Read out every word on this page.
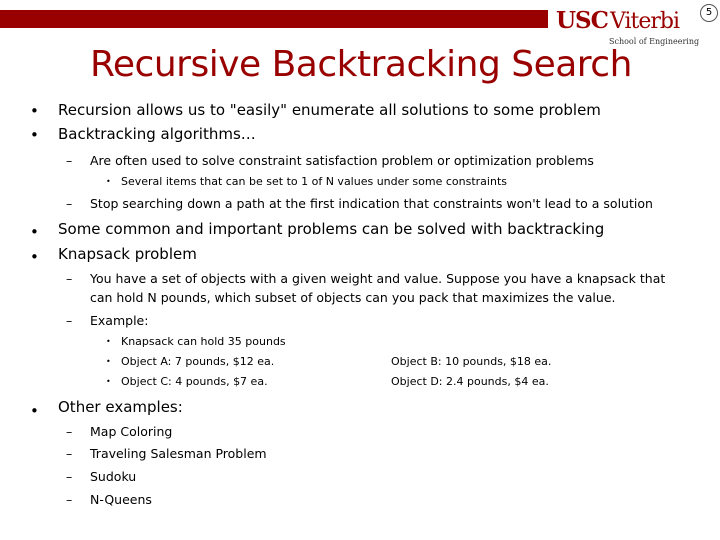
USC Viterbi
School of Engineering
5
Recursive Backtracking Search
• Recursion allows us to "easily" enumerate all solutions to some problem
• Backtracking algorithms…
– Are often used to solve constraint satisfaction problem or optimization problems
• Several items that can be set to 1 of N values under some constraints
– Stop searching down a path at the first indication that constraints won't lead to a solution
• Some common and important problems can be solved with backtracking
• Knapsack problem
– You have a set of objects with a given weight and value. Suppose you have a knapsack that
can hold N pounds, which subset of objects can you pack that maximizes the value.
– Example:
• Knapsack can hold 35 pounds
• Object A: 7 pounds, $12 ea.	Object B: 10 pounds, $18 ea.
• Object C: 4 pounds, $7 ea.	Object D: 2.4 pounds, $4 ea.
• Other examples:
– Map Coloring
– Traveling Salesman Problem
– Sudoku
– N-Queens
